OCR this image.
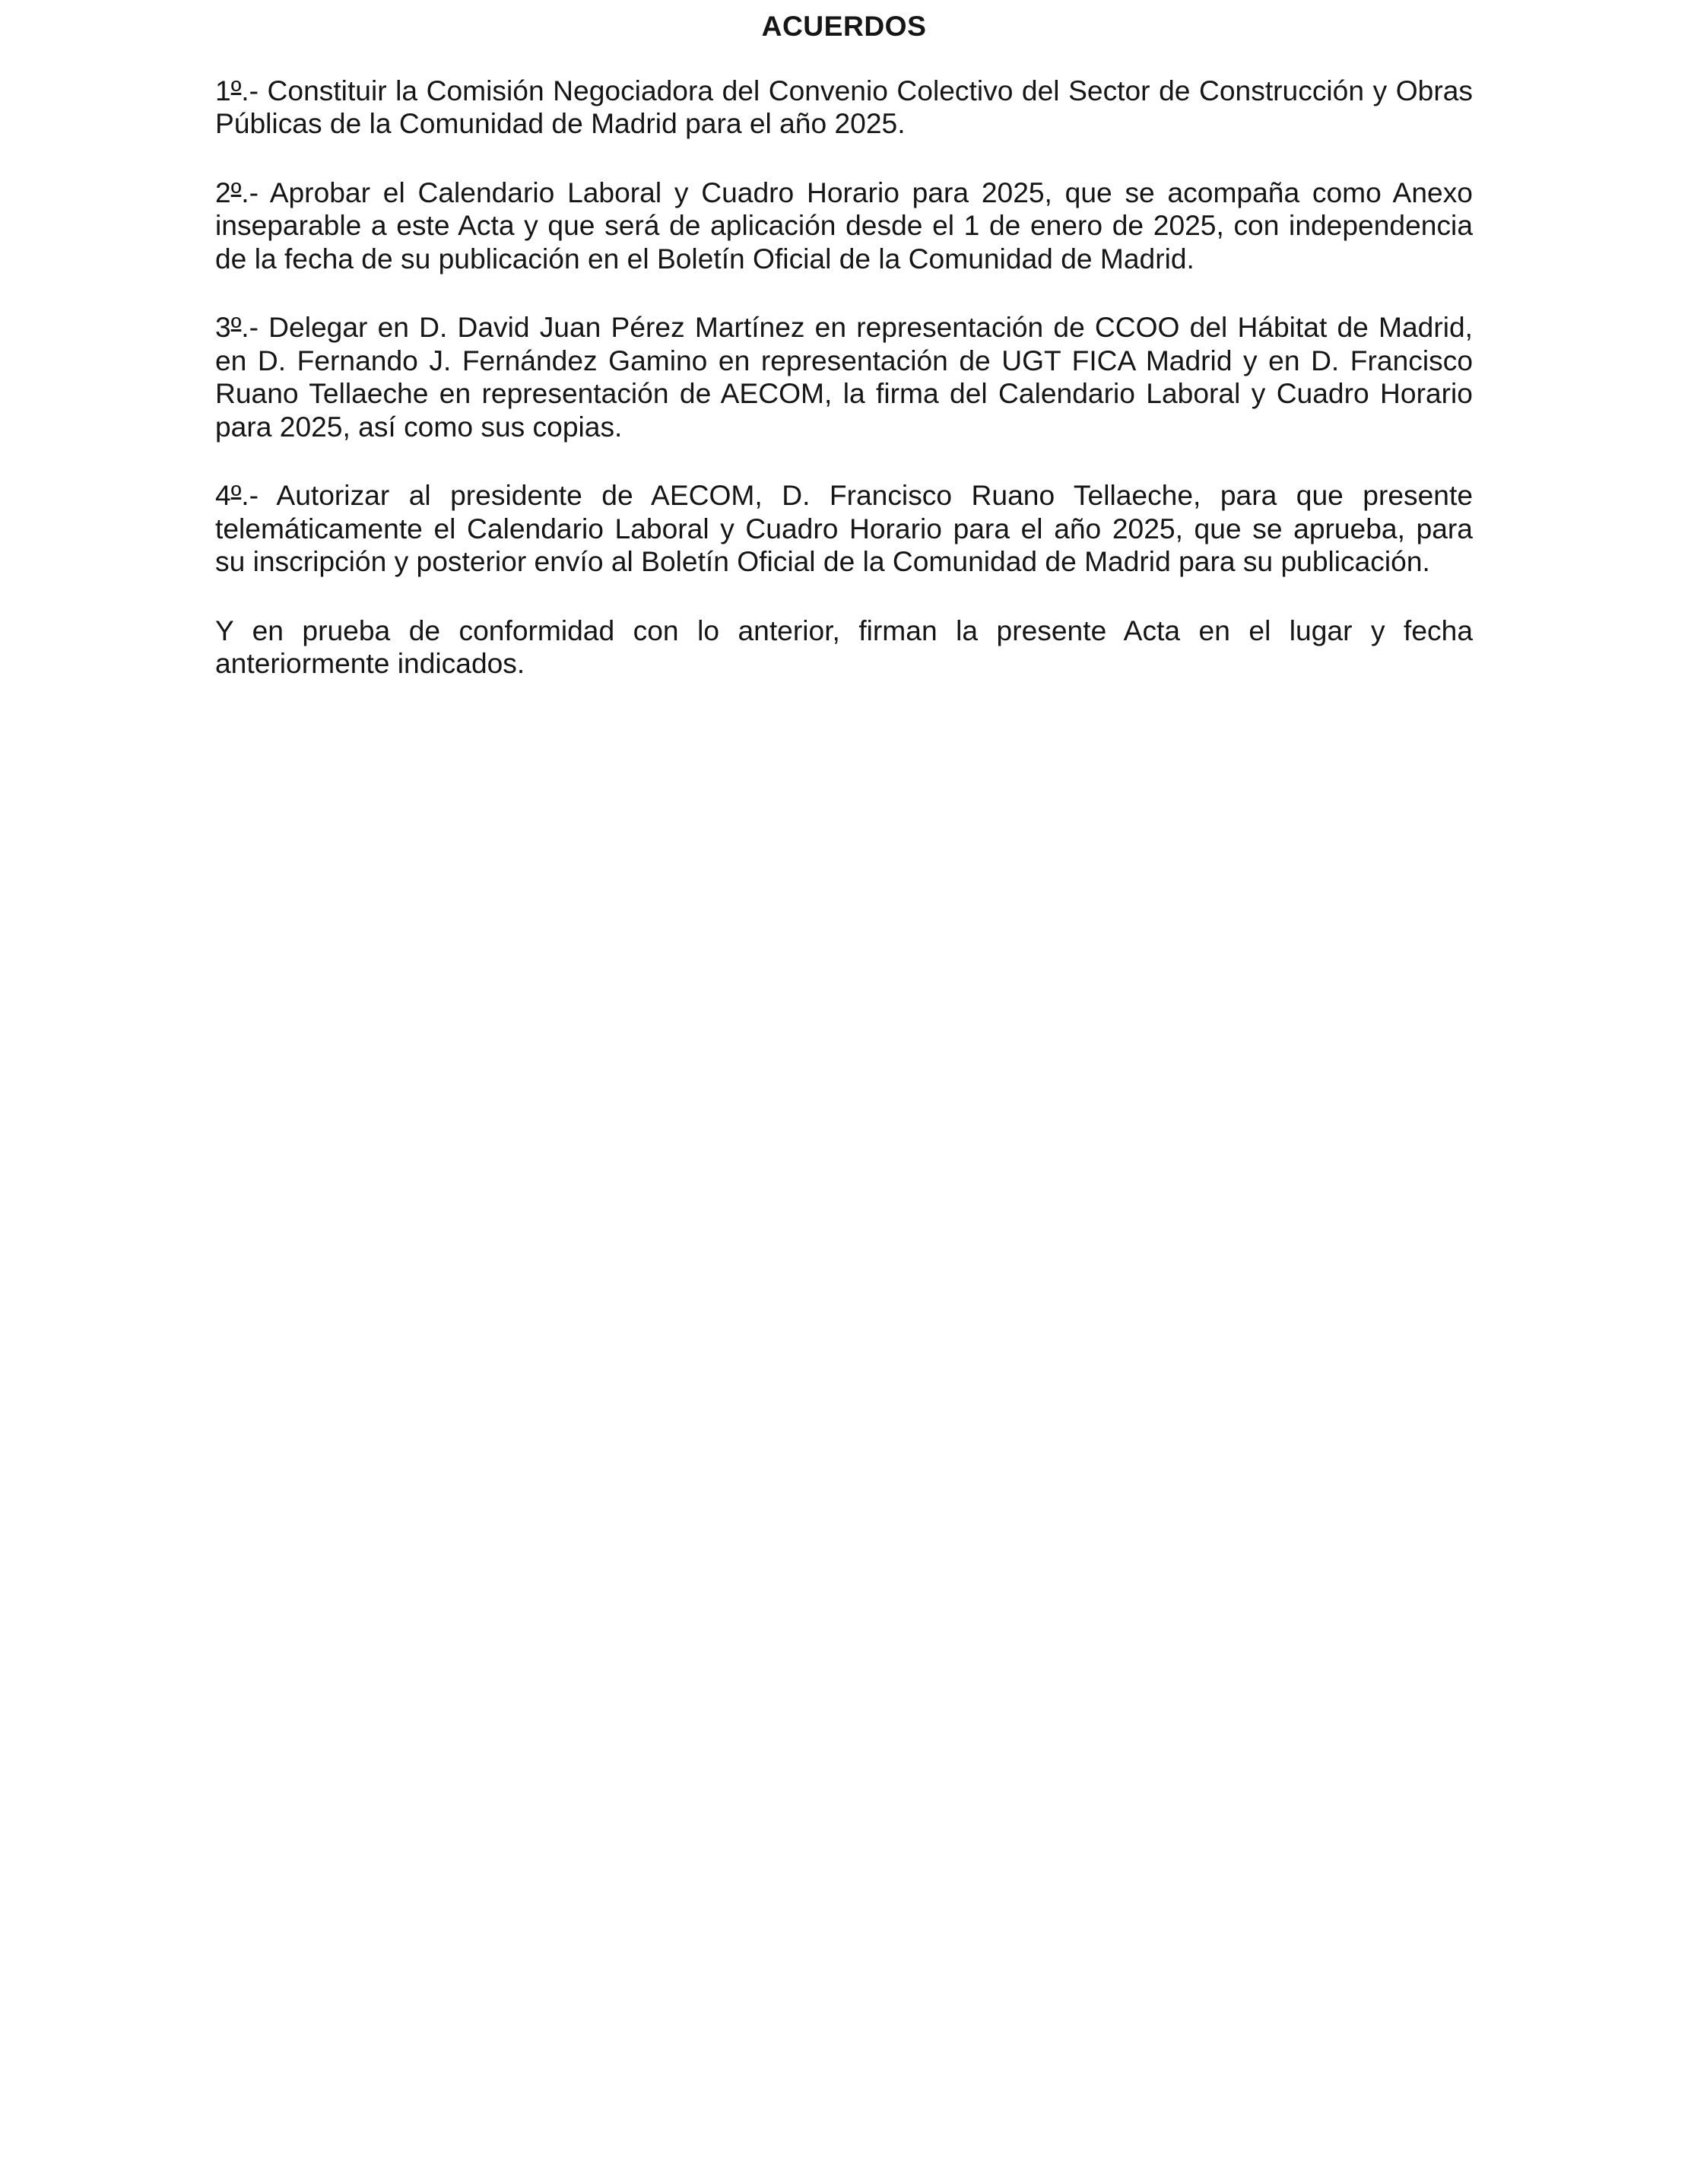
ACUERDOS

1º.- Constituir la Comisión Negociadora del Convenio Colectivo del Sector de Construcción y Obras
Públicas de la Comunidad de Madrid para el año 2025.

2º.- Aprobar el Calendario Laboral y Cuadro Horario para 2025, que se acompaña como Anexo
inseparable a este Acta y que será de aplicación desde el 1 de enero de 2025, con independencia
de la fecha de su publicación en el Boletín Oficial de la Comunidad de Madrid.

3º.- Delegar en D. David Juan Pérez Martínez en representación de CCOO del Hábitat de Madrid,
en D. Fernando J. Fernández Gamino en representación de UGT FICA Madrid y en D. Francisco
Ruano Tellaeche en representación de AECOM, la firma del Calendario Laboral y Cuadro Horario
para 2025, así como sus copias.

4º.- Autorizar al presidente de AECOM, D. Francisco Ruano Tellaeche, para que presente
telemáticamente el Calendario Laboral y Cuadro Horario para el año 2025, que se aprueba, para
su inscripción y posterior envío al Boletín Oficial de la Comunidad de Madrid para su publicación.

Y en prueba de conformidad con lo anterior, firman la presente Acta en el lugar y fecha
anteriormente indicados.
